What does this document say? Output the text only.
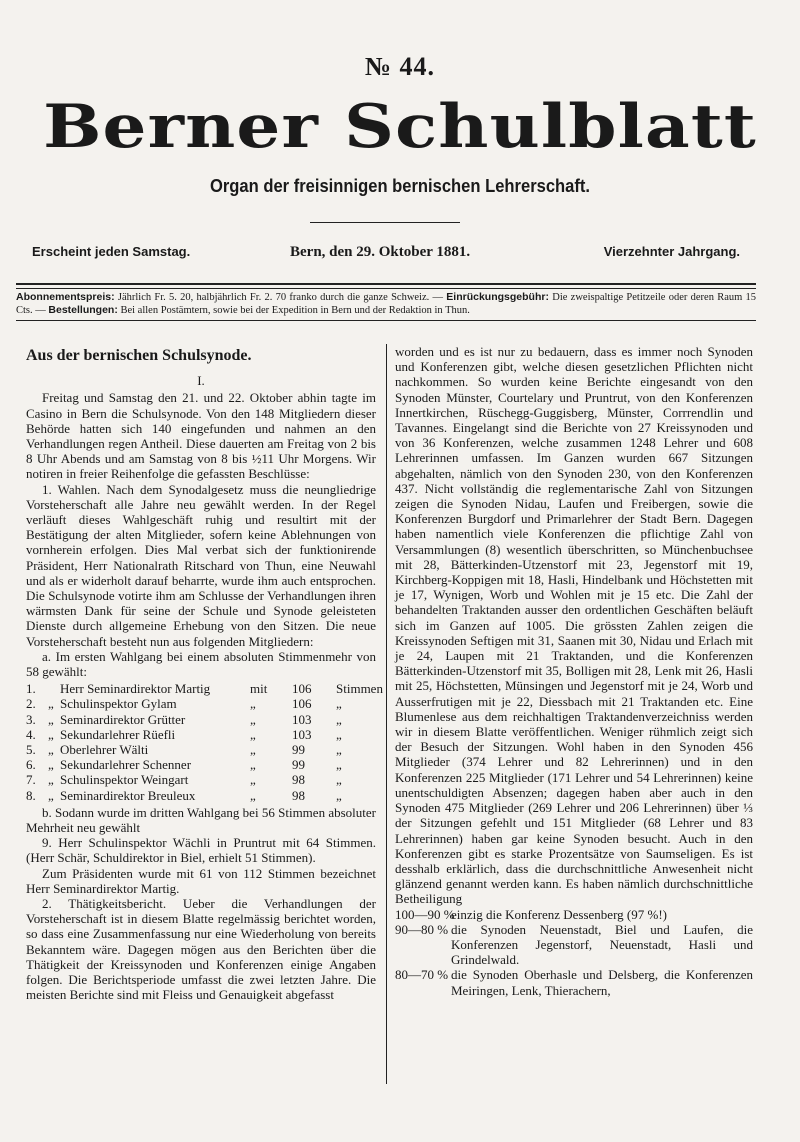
№ 44.
Berner Schulblatt
Organ der freisinnigen bernischen Lehrerschaft.
Erscheint jeden Samstag.	Bern, den 29. Oktober 1881.	Vierzehnter Jahrgang.
Abonnementspreis: Jährlich Fr. 5. 20, halbjährlich Fr. 2. 70 franko durch die ganze Schweiz. — Einrückungsgebühr: Die zweispaltige Petitzeile oder deren Raum 15 Cts. — Bestellungen: Bei allen Postämtern, sowie bei der Expedition in Bern und der Redaktion in Thun.

Aus der bernischen Schulsynode.

I.

Freitag und Samstag den 21. und 22. Oktober abhin tagte im Casino in Bern die Schulsynode. Von den 148 Mitgliedern dieser Behörde hatten sich 140 eingefunden und nahmen an den Verhandlungen regen Antheil. Diese dauerten am Freitag von 2 bis 8 Uhr Abends und am Samstag von 8 bis ½11 Uhr Morgens. Wir notiren in freier Reihenfolge die gefassten Beschlüsse:

1. Wahlen. Nach dem Synodalgesetz muss die neungliedrige Vorsteherschaft alle Jahre neu gewählt werden. In der Regel verläuft dieses Wahlgeschäft ruhig und resultirt mit der Bestätigung der alten Mitglieder, sofern keine Ablehnungen von vornherein erfolgen. Dies Mal verbat sich der funktionirende Präsident, Herr Nationalrath Ritschard von Thun, eine Neuwahl und als er widerholt darauf beharrte, wurde ihm auch entsprochen. Die Schulsynode votirte ihm am Schlusse der Verhandlungen ihren wärmsten Dank für seine der Schule und Synode geleisteten Dienste durch allgemeine Erhebung von den Sitzen. Die neue Vorsteherschaft besteht nun aus folgenden Mitgliedern:

a. Im ersten Wahlgang bei einem absoluten Stimmenmehr von 58 gewählt:

1.	Herr Seminardirektor Martig	mit	106	Stimmen
2. „ Schulinspektor Gylam	„	106	„
3. „ Seminardirektor Grütter	„	103	„
4. „ Sekundarlehrer Rüefli	„	103	„
5. „ Oberlehrer Wälti	„	99	„
6. „ Sekundarlehrer Schenner	„	99	„
7. „ Schulinspektor Weingart	„	98	„
8. „ Seminardirektor Breuleux	„	98	„

b. Sodann wurde im dritten Wahlgang bei 56 Stimmen absoluter Mehrheit neu gewählt

9. Herr Schulinspektor Wächli in Pruntrut mit 64 Stimmen. (Herr Schär, Schuldirektor in Biel, erhielt 51 Stimmen).

Zum Präsidenten wurde mit 61 von 112 Stimmen bezeichnet Herr Seminardirektor Martig.

2. Thätigkeitsbericht. Ueber die Verhandlungen der Vorsteherschaft ist in diesem Blatte regelmässig berichtet worden, so dass eine Zusammenfassung nur eine Wiederholung von bereits Bekanntem wäre. Dagegen mögen aus den Berichten über die Thätigkeit der Kreissynoden und Konferenzen einige Angaben folgen. Die Berichtsperiode umfasst die zwei letzten Jahre. Die meisten Berichte sind mit Fleiss und Genauigkeit abgefasst

worden und es ist nur zu bedauern, dass es immer noch Synoden und Konferenzen gibt, welche diesen gesetzlichen Pflichten nicht nachkommen. So wurden keine Berichte eingesandt von den Synoden Münster, Courtelary und Pruntrut, von den Konferenzen Innertkirchen, Rüschegg-Guggisberg, Münster, Corrrendlin und Tavannes. Eingelangt sind die Berichte von 27 Kreissynoden und von 36 Konferenzen, welche zusammen 1248 Lehrer und 608 Lehrerinnen umfassen. Im Ganzen wurden 667 Sitzungen abgehalten, nämlich von den Synoden 230, von den Konferenzen 437. Nicht vollständig die reglementarische Zahl von Sitzungen zeigen die Synoden Nidau, Laufen und Freibergen, sowie die Konferenzen Burgdorf und Primarlehrer der Stadt Bern. Dagegen haben namentlich viele Konferenzen die pflichtige Zahl von Versammlungen (8) wesentlich überschritten, so Münchenbuchsee mit 28, Bätterkinden-Utzenstorf mit 23, Jegenstorf mit 19, Kirchberg-Koppigen mit 18, Hasli, Hindelbank und Höchstetten mit je 17, Wynigen, Worb und Wohlen mit je 15 etc. Die Zahl der behandelten Traktanden ausser den ordentlichen Geschäften beläuft sich im Ganzen auf 1005. Die grössten Zahlen zeigen die Kreissynoden Seftigen mit 31, Saanen mit 30, Nidau und Erlach mit je 24, Laupen mit 21 Traktanden, und die Konferenzen Bätterkinden-Utzenstorf mit 35, Bolligen mit 28, Lenk mit 26, Hasli mit 25, Höchstetten, Münsingen und Jegenstorf mit je 24, Worb und Ausserfrutigen mit je 22, Diessbach mit 21 Traktanden etc. Eine Blumenlese aus dem reichhaltigen Traktandenverzeichniss werden wir in diesem Blatte veröffentlichen. Weniger rühmlich zeigt sich der Besuch der Sitzungen. Wohl haben in den Synoden 456 Mitglieder (374 Lehrer und 82 Lehrerinnen) und in den Konferenzen 225 Mitglieder (171 Lehrer und 54 Lehrerinnen) keine unentschuldigten Absenzen; dagegen haben aber auch in den Synoden 475 Mitglieder (269 Lehrer und 206 Lehrerinnen) über ⅓ der Sitzungen gefehlt und 151 Mitglieder (68 Lehrer und 83 Lehrerinnen) haben gar keine Synoden besucht. Auch in den Konferenzen gibt es starke Prozentsätze von Saumseligen. Es ist desshalb erklärlich, dass die durchschnittliche Anwesenheit nicht glänzend genannt werden kann. Es haben nämlich durchschnittliche Betheiligung

100—90 %
einzig die Konferenz Dessenberg (97 %!)
90—80 % die Synoden Neuenstadt, Biel und Laufen, die Konferenzen Jegenstorf, Neuenstadt, Hasli und Grindelwald.
80—70 % die Synoden Oberhasle und Delsberg, die Konferenzen Meiringen, Lenk, Thierachern,
